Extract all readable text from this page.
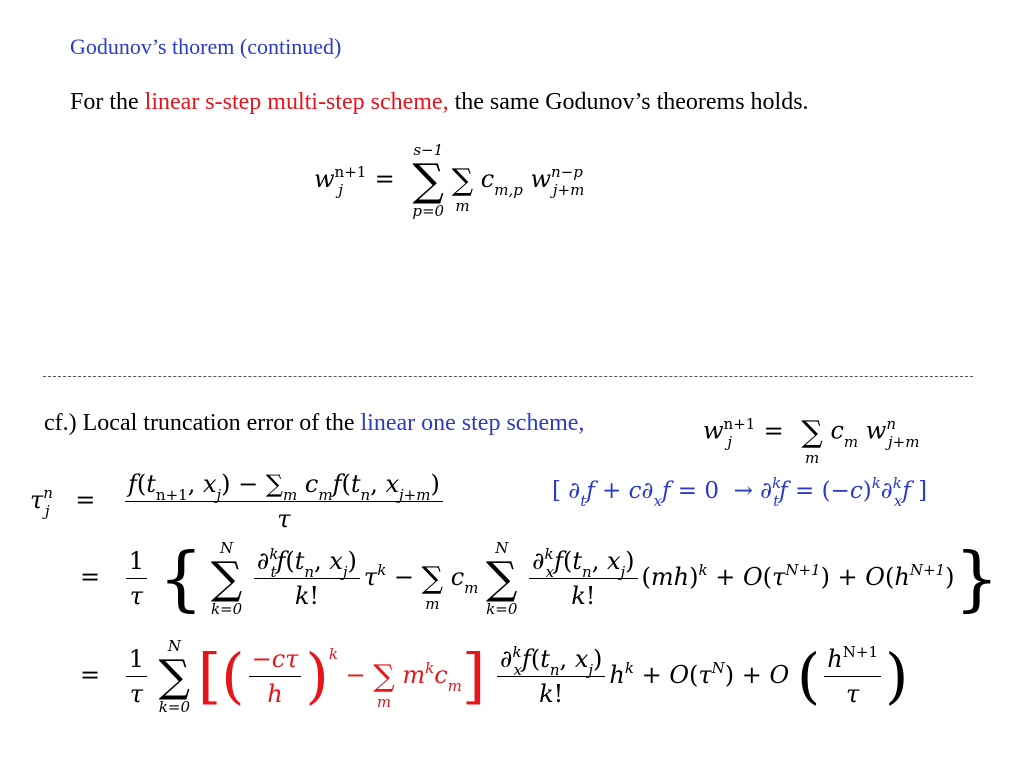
Godunov’s thorem (continued)
For the linear s-step multi-step scheme, the same Godunov’s theorems holds.
$w^{n+1}_j$ =
s−1
∑
p=0

∑
m
$c_{m,p}$ $w^{n-p}_{j+m}$
cf.) Local truncation error of the linear one step scheme,	$w^{n+1}_j$ =
∑
m
$c_m$ $w^n_{j+m}$
$\tau^n_j = \frac{f(t_{n+1}, x_j) - \sum_m c_mf(t_n, x_{j+m})}{\tau}$	[ $\partial_tf + c\partial_xf = 0 \to \partial^k_tf = (-c)^k\partial^k_xf$ ]
= $\frac{1}{\tau}$ { N
∑
k=0
$\frac{\partial^k_tf(t_n, x_j)}{k!} \tau^k$ −
∑
m
$c_m$
N
∑
k=0
$\frac{\partial^k_xf(t_n, x_j)}{k!} (mh)^k + O(\tau^{N+1}) + O(h^{N+1})$}
= $\frac{1}{\tau}$
N
∑
k=0 [( $\frac{-c\tau}{h} )^k$ −
∑
m
$m^kc_m] \frac{\partial^k_xf(t_n, x_j)}{k!} h^k + O(\tau^N) + O$ ( $\frac{h^{N+1}}{\tau}$ )
